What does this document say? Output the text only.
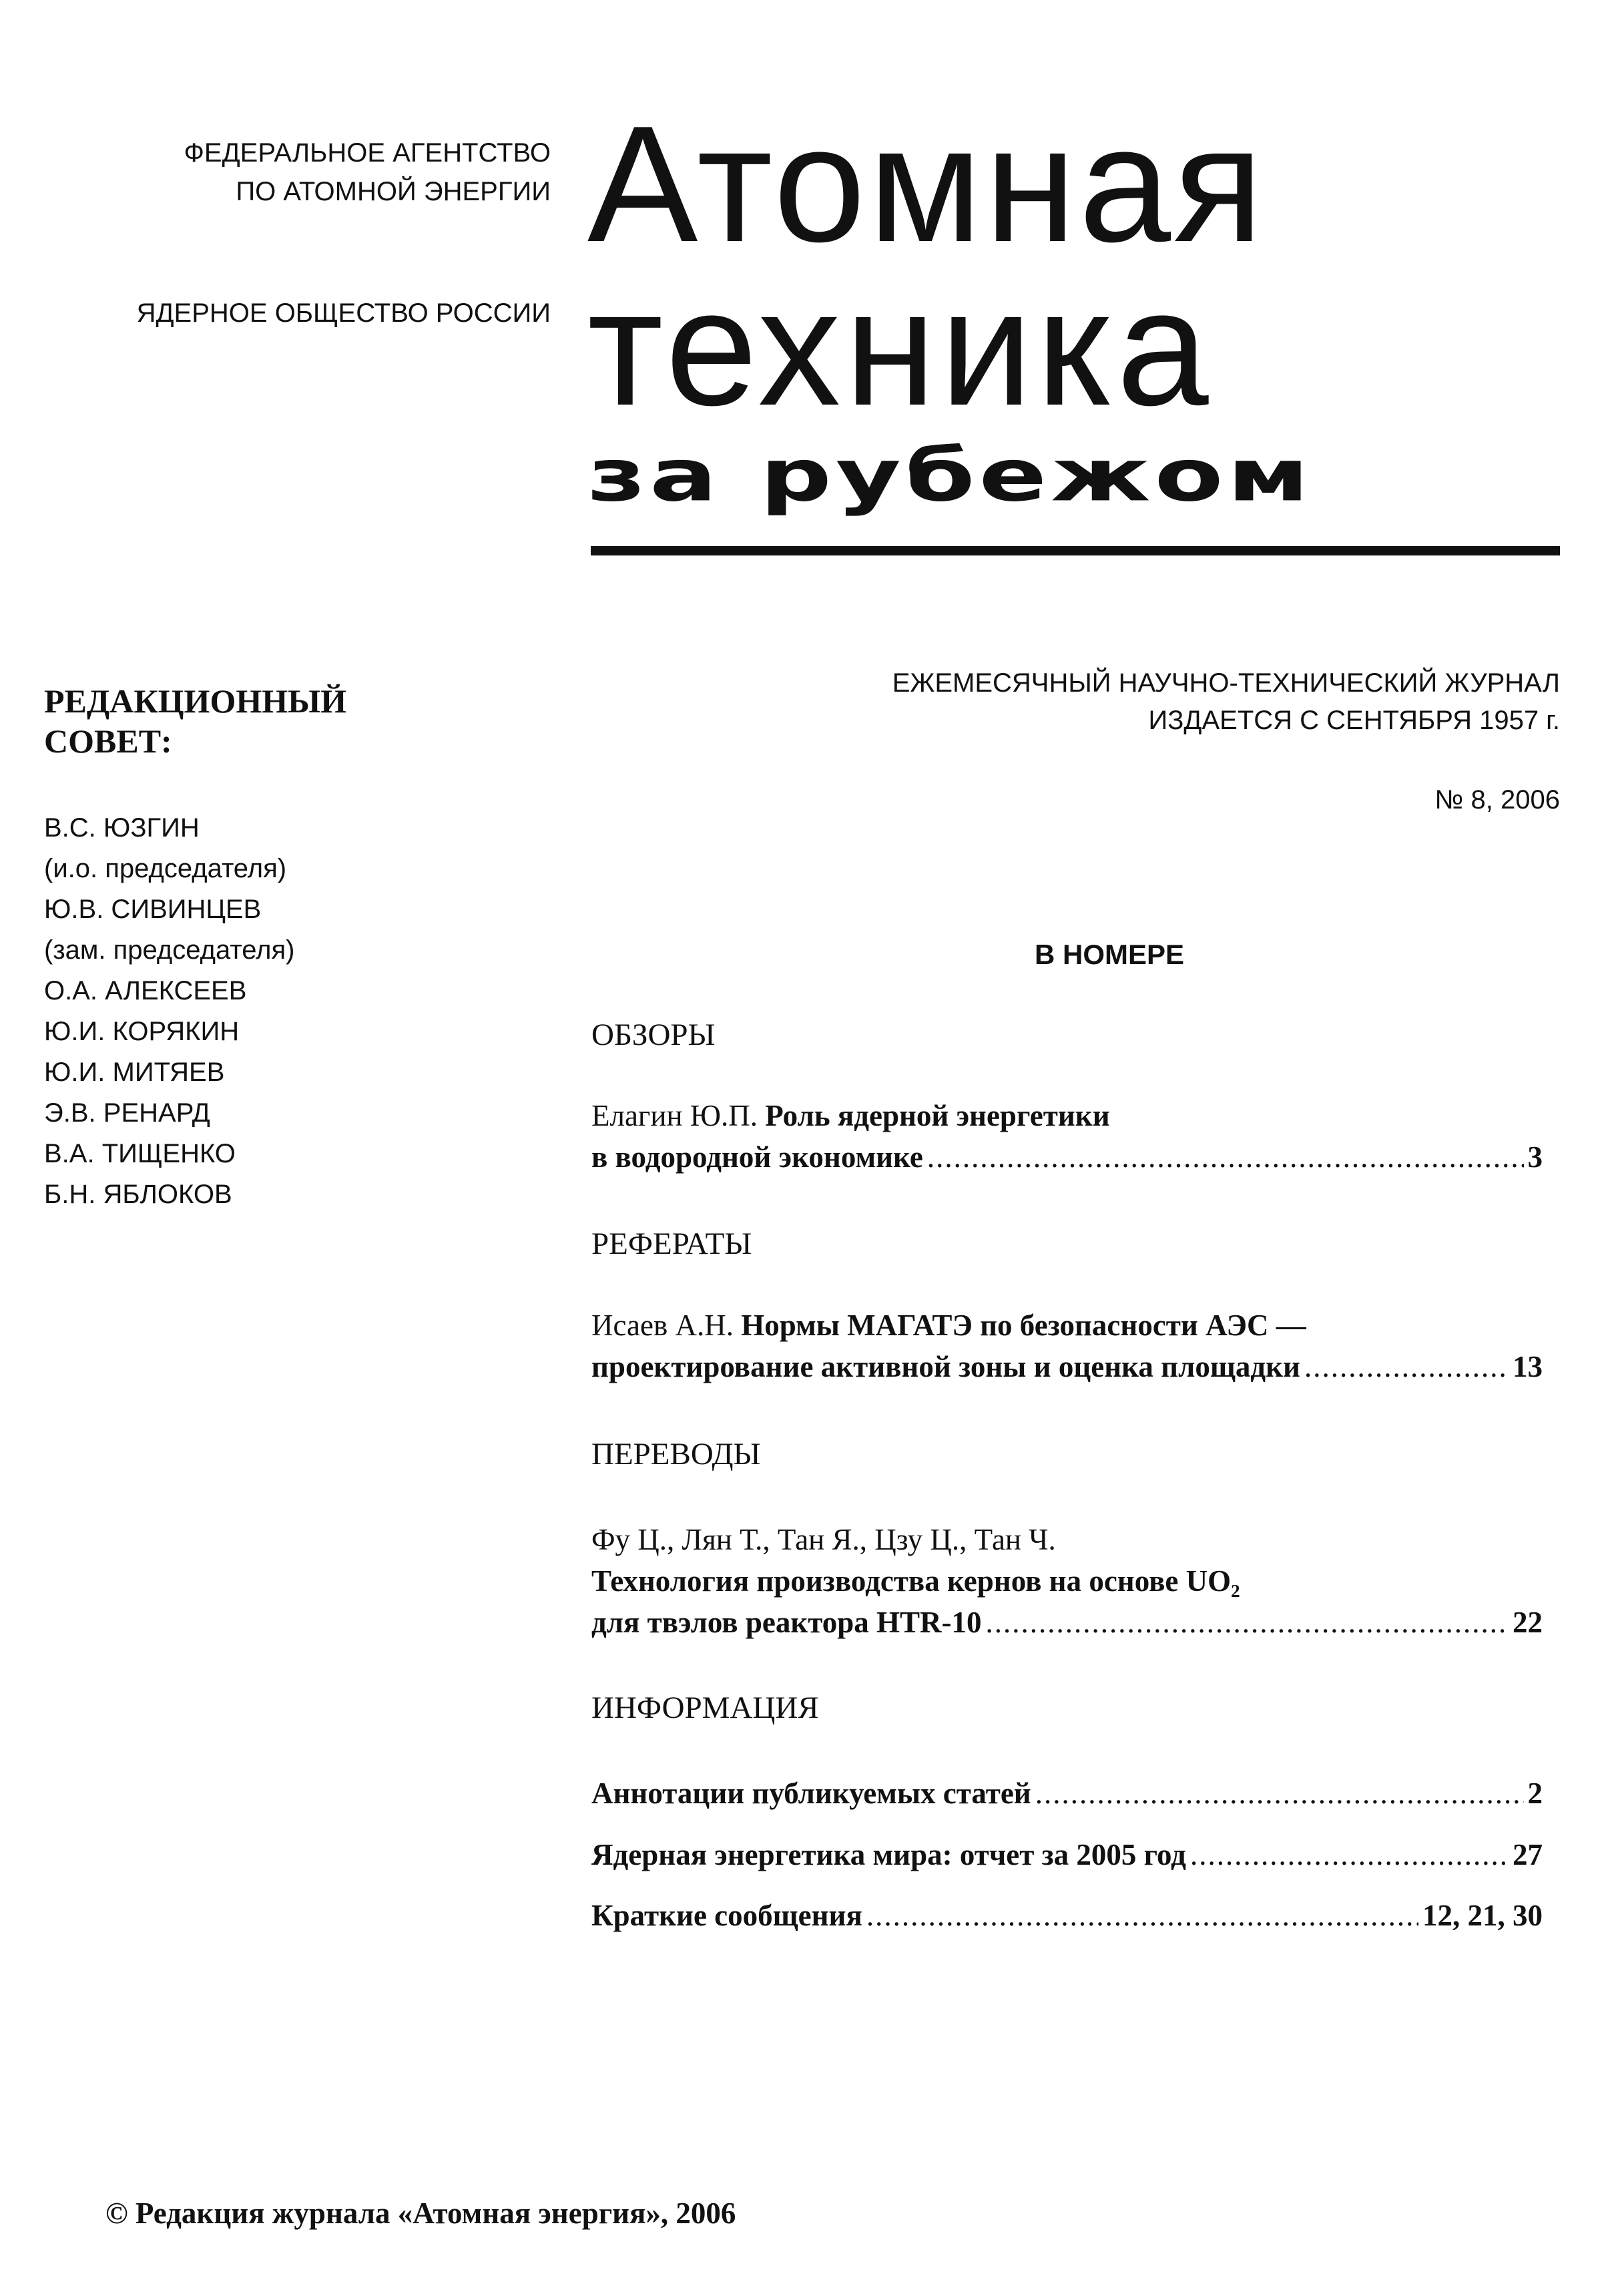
ФЕДЕРАЛЬНОЕ АГЕНТСТВО
ПО АТОМНОЙ ЭНЕРГИИ
ЯДЕРНОЕ ОБЩЕСТВО РОССИИ
Атомная
техника
за рубежом
ЕЖЕМЕСЯЧНЫЙ НАУЧНО-ТЕХНИЧЕСКИЙ ЖУРНАЛ
ИЗДАЕТСЯ С СЕНТЯБРЯ 1957 г.
№ 8, 2006
РЕДАКЦИОННЫЙ
СОВЕТ:
В.С. ЮЗГИН
(и.о. председателя)
Ю.В. СИВИНЦЕВ
(зам. председателя)
О.А. АЛЕКСЕЕВ
Ю.И. КОРЯКИН
Ю.И. МИТЯЕВ
Э.В. РЕНАРД
В.А. ТИЩЕНКО
Б.Н. ЯБЛОКОВ
В НОМЕРЕ
ОБЗОРЫ
Елагин Ю.П. Роль ядерной энергетики
в водородной экономике .....	3
РЕФЕРАТЫ
Исаев А.Н. Нормы МАГАТЭ по безопасности АЭС —
проектирование активной зоны и оценка площадки .....	13
ПЕРЕВОДЫ
Фу Ц., Лян Т., Тан Я., Цзу Ц., Тан Ч.
Технология производства кернов на основе UO₂
для твэлов реактора HTR-10 .....	22
ИНФОРМАЦИЯ
Аннотации публикуемых статей .....	2
Ядерная энергетика мира: отчет за 2005 год .....	27
Краткие сообщения .....	12, 21, 30
© Редакция журнала «Атомная энергия», 2006
